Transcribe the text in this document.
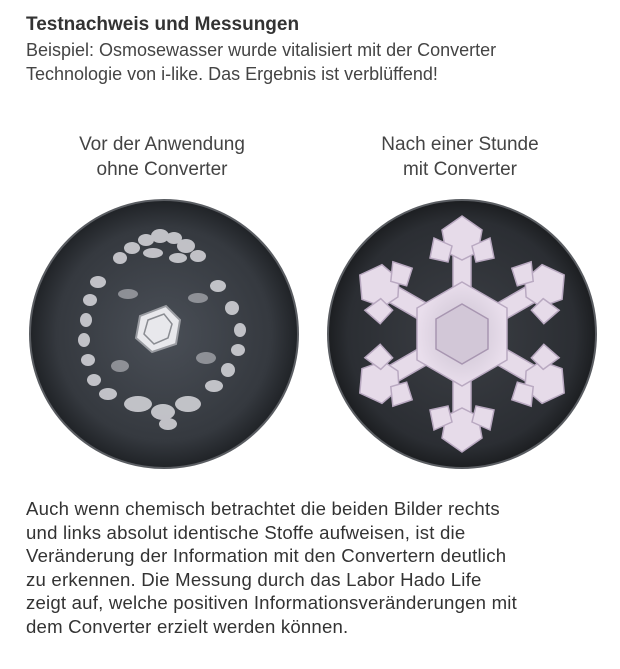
Testnachweis und Messungen
Beispiel: Osmosewasser wurde vitalisiert mit der Converter
Technologie von i-like. Das Ergebnis ist verblüffend!
Vor der Anwendung
ohne Converter
Nach einer Stunde
mit Converter
Auch wenn chemisch betrachtet die beiden Bilder rechts
und links absolut identische Stoffe aufweisen, ist die
Veränderung der Information mit den Convertern deutlich
zu erkennen. Die Messung durch das Labor Hado Life
zeigt auf, welche positiven Informationsveränderungen mit
dem Converter erzielt werden können.
